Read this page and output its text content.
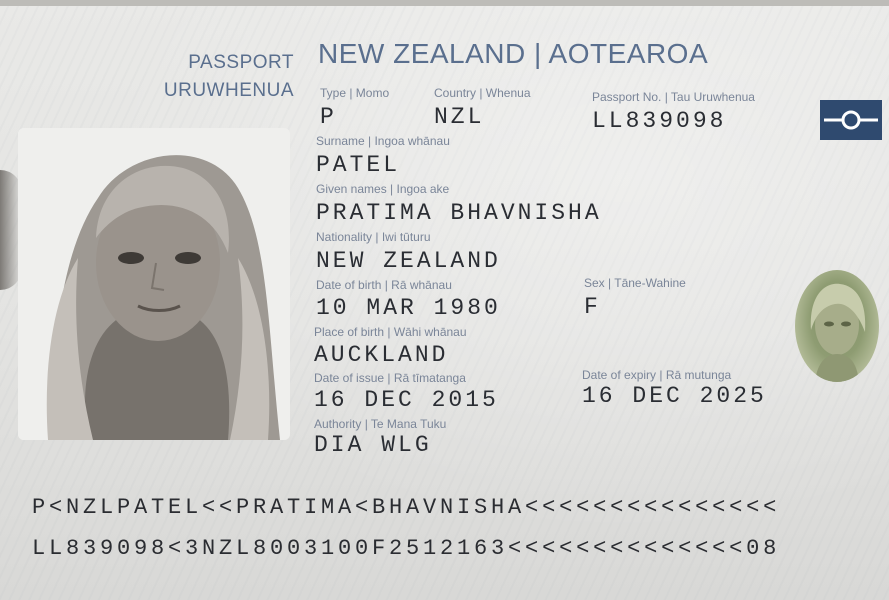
PASSPORT
URUWHENUA
NEW ZEALAND | AOTEAROA
Type | Momo
P
Country | Whenua
NZL
Passport No. | Tau Uruwhenua
LL839098
Surname | Ingoa whānau
PATEL
Given names | Ingoa ake
PRATIMA BHAVNISHA
Nationality | Iwi tūturu
NEW ZEALAND
Date of birth | Rā whānau
10 MAR 1980
Sex | Tāne-Wahine
F
Place of birth | Wāhi whānau
AUCKLAND
Date of issue | Rā tīmatanga
16 DEC 2015
Date of expiry | Rā mutunga
16 DEC 2025
Authority | Te Mana Tuku
DIA WLG
P<NZLPATEL<<PRATIMA<BHAVNISHA<<<<<<<<<<<<<<<
LL839098<3NZL8003100F2512163<<<<<<<<<<<<<<08
